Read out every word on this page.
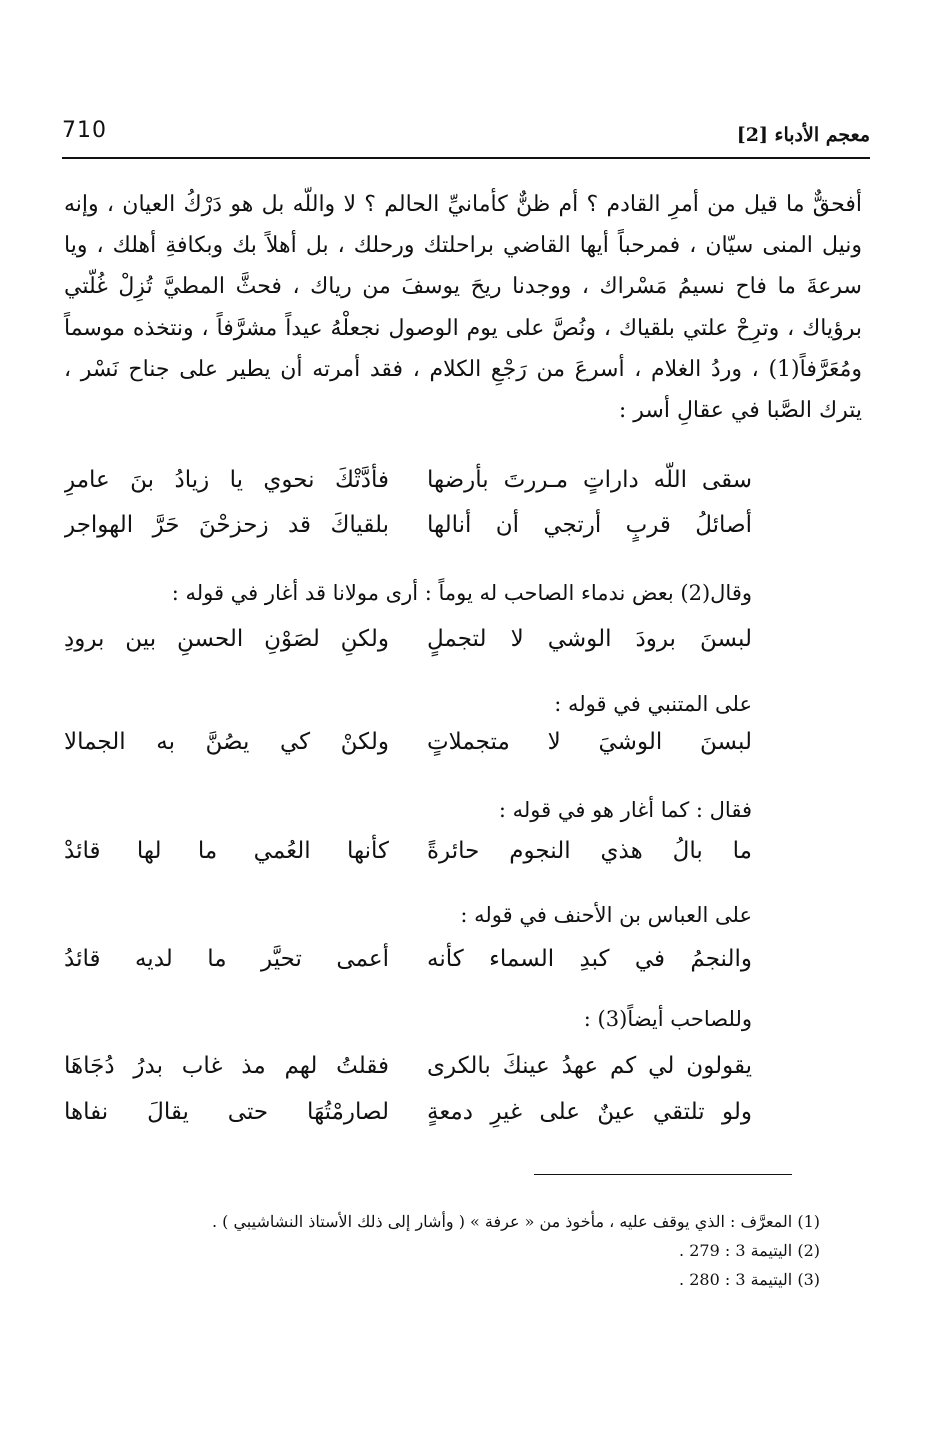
710	معجم الأدباء [2]

أفحقٌّ ما قيل من أمرِ القادم ؟ أم ظنٌّ كأمانيِّ الحالم ؟ لا واللّه بل هو دَرْكُ العيان ، وإنه ونيل المنى سيّان ، فمرحباً أيها القاضي براحلتك ورحلك ، بل أهلاً بك وبكافةِ أهلك ، ويا سرعةَ ما فاح نسيمُ مَسْراك ، ووجدنا ريحَ يوسفَ من رياك ، فحثَّ المطيَّ تُزِلْ غُلّتي برؤياك ، وترِحْ علتي بلقياك ، ونُصَّ على يوم الوصول نجعلْهُ عيداً مشرَّفاً ، ونتخذه موسماً ومُعَرَّفاً(1) ، وردُ الغلام ، أسرعَ من رَجْعِ الكلام ، فقد أمرته أن يطير على جناح نَسْر ، يترك الصَّبا في عقالِ أسر :

سقى اللّه داراتٍ مـررتَ بأرضها
فأدَّتْكَ نحوي يا زيادُ بنَ عامرِ
أصائلُ قربٍ أرتجي أن أنالها
بلقياكَ قد زحزحْنَ حَرَّ الهواجر
وقال(2) بعض ندماء الصاحب له يوماً : أرى مولانا قد أغار في قوله :
لبسنَ برودَ الوشي لا لتجملٍ
ولكنِ لصَوْنِ الحسنِ بين برودِ
على المتنبي في قوله :
لبسنَ الوشيَ لا متجملاتٍ
ولكنْ كي يصُنَّ به الجمالا
فقال : كما أغار هو في قوله :
ما بالُ هذي النجوم حائرةً
كأنها العُمي ما لها قائدْ
على العباس بن الأحنف في قوله :
والنجمُ في كبدِ السماء كأنه
أعمى تحيَّر ما لديه قائدُ
وللصاحب أيضاً(3) :
يقولون لي كم عهدُ عينكَ بالكرى
فقلتُ لهم مذ غاب بدرُ دُجَاهَا
ولو تلتقي عينٌ على غيرِ دمعةٍ
لصارمْتُهَا حتى يقالَ نفاها
(1) المعرَّف : الذي يوقف عليه ، مأخوذ من « عرفة » ( وأشار إلى ذلك الأستاذ النشاشيبي ) .
(2) اليتيمة 3 : 279 .
(3) اليتيمة 3 : 280 .
